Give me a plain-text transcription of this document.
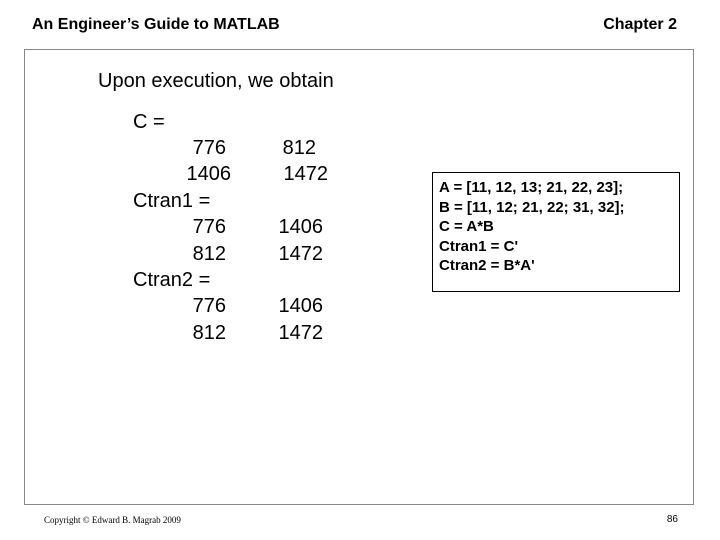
An Engineer’s Guide to MATLAB	Chapter 2
Upon execution, we obtain
C =
776	812
1406	1472
Ctran1 =
776	1406
812	1472
Ctran2 =
776	1406
812	1472
A = [11, 12, 13; 21, 22, 23];
B = [11, 12; 21, 22; 31, 32];
C = A*B
Ctran1 = C'
Ctran2 = B*A'
Copyright © Edward B. Magrab 2009	86
